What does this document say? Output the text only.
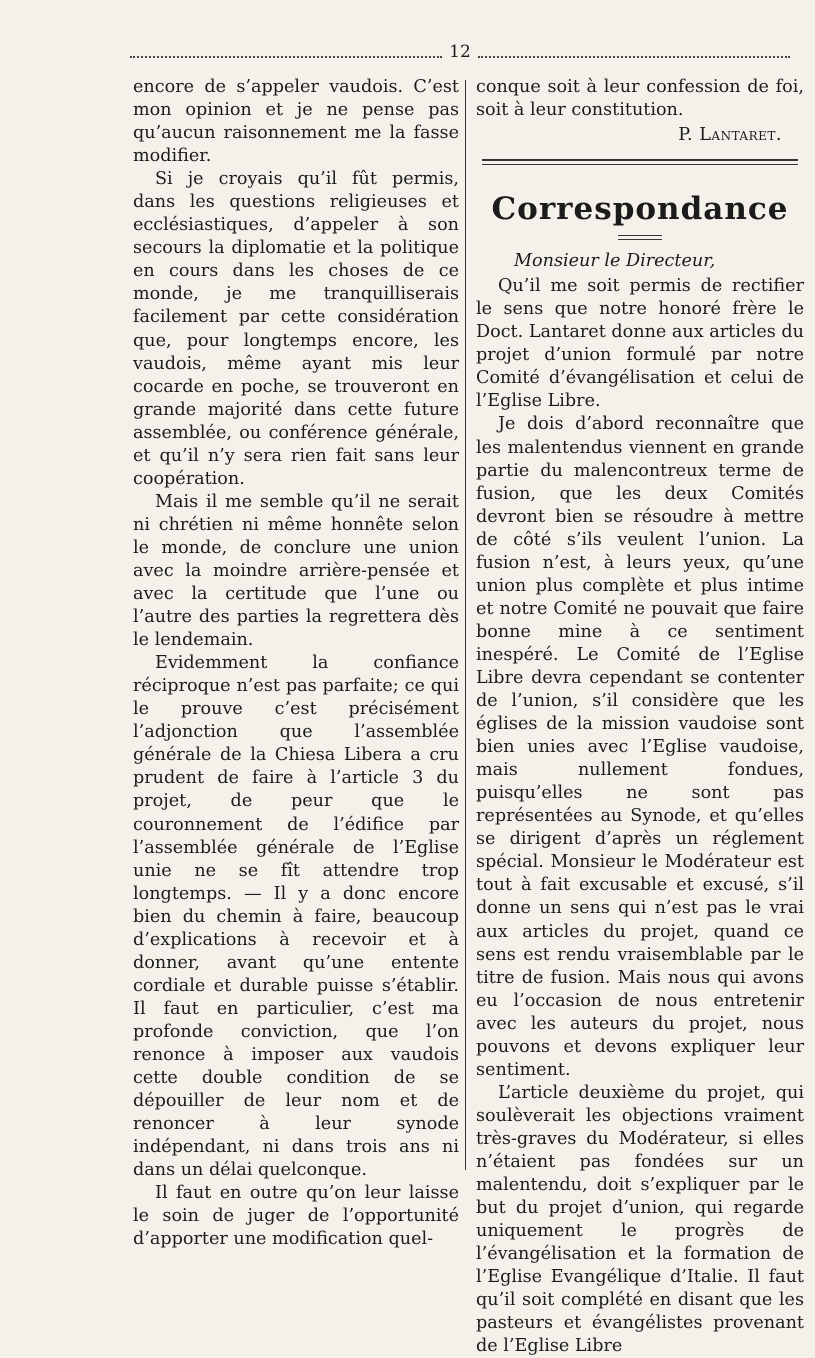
12

encore de s’appeler vaudois. C’est mon opinion et je ne pense pas qu’aucun raisonnement me la fasse modifier.

Si je croyais qu’il fût permis, dans les questions religieuses et ecclésiastiques, d’appeler à son secours la diplomatie et la politique en cours dans les choses de ce monde, je me tranquilliserais facilement par cette considération que, pour longtemps encore, les vaudois, même ayant mis leur cocarde en poche, se trouveront en grande majorité dans cette future assemblée, ou conférence générale, et qu’il n’y sera rien fait sans leur coopération.

Mais il me semble qu’il ne serait ni chrétien ni même honnête selon le monde, de conclure une union avec la moindre arrière-pensée et avec la certitude que l’une ou l’autre des parties la regrettera dès le lendemain.

Evidemment la confiance réciproque n’est pas parfaite; ce qui le prouve c’est précisément l’adjonction que l’assemblée générale de la Chiesa Libera a cru prudent de faire à l’article 3 du projet, de peur que le couronnement de l’édifice par l’assemblée générale de l’Eglise unie ne se fît attendre trop longtemps. — Il y a donc encore bien du chemin à faire, beaucoup d’explications à recevoir et à donner, avant qu’une entente cordiale et durable puisse s’établir. Il faut en particulier, c’est ma profonde conviction, que l’on renonce à imposer aux vaudois cette double condition de se dépouiller de leur nom et de renoncer à leur synode indépendant, ni dans trois ans ni dans un délai quelconque.

Il faut en outre qu’on leur laisse le soin de juger de l’opportunité d’apporter une modification quel-

conque soit à leur confession de foi, soit à leur constitution.

P. Lantaret.
Correspondance

Monsieur le Directeur,

Qu’il me soit permis de rectifier le sens que notre honoré frère le Doct. Lantaret donne aux articles du projet d’union formulé par notre Comité d’évangélisation et celui de l’Eglise Libre.

Je dois d’abord reconnaître que les malentendus viennent en grande partie du malencontreux terme de fusion, que les deux Comités devront bien se résoudre à mettre de côté s’ils veulent l’union. La fusion n’est, à leurs yeux, qu’une union plus complète et plus intime et notre Comité ne pouvait que faire bonne mine à ce sentiment inespéré. Le Comité de l’Eglise Libre devra cependant se contenter de l’union, s’il considère que les églises de la mission vaudoise sont bien unies avec l’Eglise vaudoise, mais nullement fondues, puisqu’elles ne sont pas représentées au Synode, et qu’elles se dirigent d’après un réglement spécial. Monsieur le Modérateur est tout à fait excusable et excusé, s’il donne un sens qui n’est pas le vrai aux articles du projet, quand ce sens est rendu vraisemblable par le titre de fusion. Mais nous qui avons eu l’occasion de nous entretenir avec les auteurs du projet, nous pouvons et devons expliquer leur sentiment.

L’article deuxième du projet, qui soulèverait les objections vraiment très-graves du Modérateur, si elles n’étaient pas fondées sur un malentendu, doit s’expliquer par le but du projet d’union, qui regarde uniquement le progrès de l’évangélisation et la formation de l’Eglise Evangélique d’Italie. Il faut qu’il soit complété en disant que les pasteurs et évangélistes provenant de l’Eglise Libre
